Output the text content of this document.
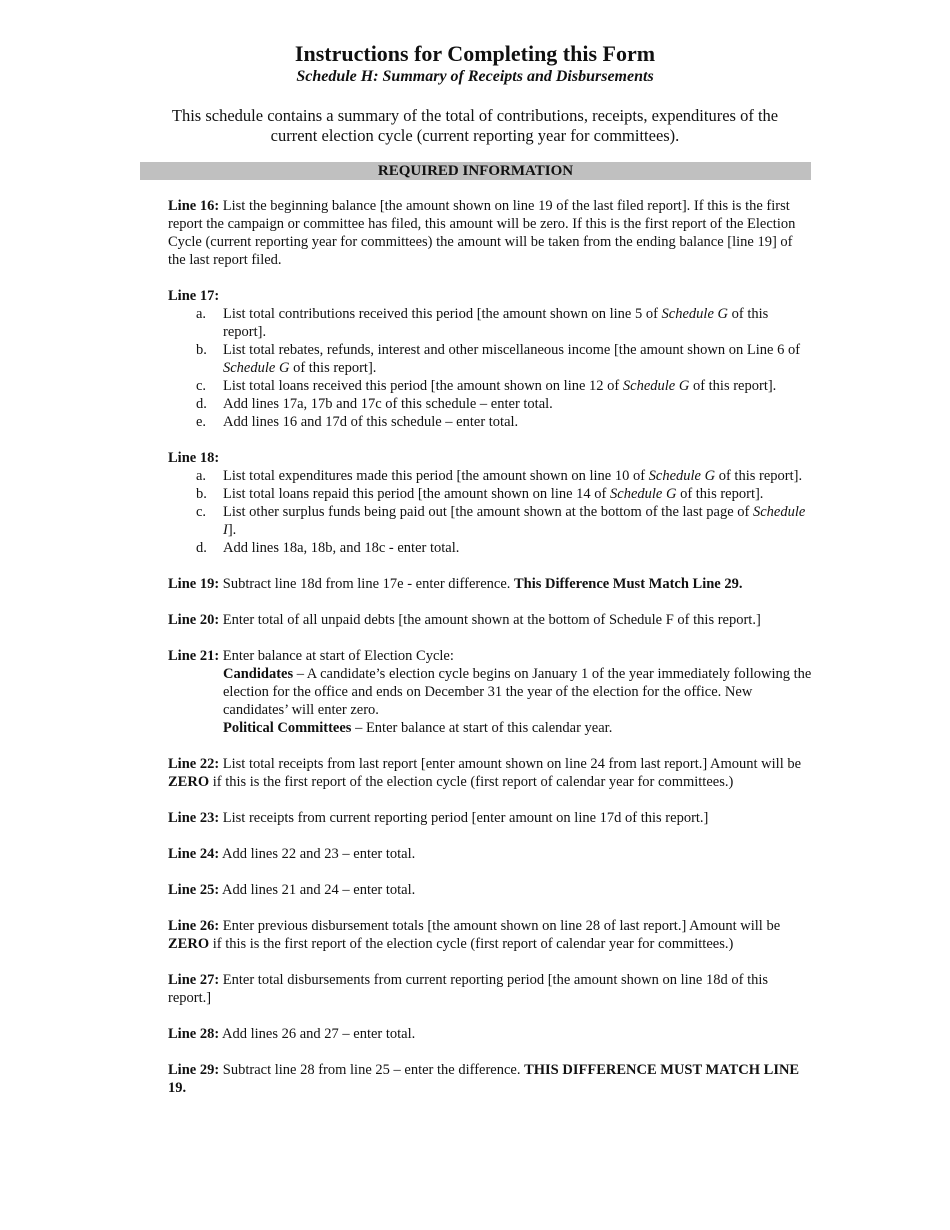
Instructions for Completing this Form
Schedule H: Summary of Receipts and Disbursements
This schedule contains a summary of the total of contributions, receipts, expenditures of the current election cycle (current reporting year for committees).
REQUIRED INFORMATION

Line 16: List the beginning balance [the amount shown on line 19 of the last filed report]. If this is the first report the campaign or committee has filed, this amount will be zero. If this is the first report of the Election Cycle (current reporting year for committees) the amount will be taken from the ending balance [line 19] of the last report filed.

Line 17:
a. List total contributions received this period [the amount shown on line 5 of Schedule G of this report].
b. List total rebates, refunds, interest and other miscellaneous income [the amount shown on Line 6 of Schedule G of this report].
c. List total loans received this period [the amount shown on line 12 of Schedule G of this report].
d. Add lines 17a, 17b and 17c of this schedule – enter total.
e. Add lines 16 and 17d of this schedule – enter total.
Line 18:
a. List total expenditures made this period [the amount shown on line 10 of Schedule G of this report].
b. List total loans repaid this period [the amount shown on line 14 of Schedule G of this report].
c. List other surplus funds being paid out [the amount shown at the bottom of the last page of Schedule I].
d. Add lines 18a, 18b, and 18c - enter total.

Line 19: Subtract line 18d from line 17e - enter difference. This Difference Must Match Line 29.

Line 20: Enter total of all unpaid debts [the amount shown at the bottom of Schedule F of this report.]

Line 21: Enter balance at start of Election Cycle:
Candidates – A candidate’s election cycle begins on January 1 of the year immediately following the election for the office and ends on December 31 the year of the election for the office. New candidates’ will enter zero.
Political Committees – Enter balance at start of this calendar year.

Line 22: List total receipts from last report [enter amount shown on line 24 from last report.] Amount will be ZERO if this is the first report of the election cycle (first report of calendar year for committees.)

Line 23: List receipts from current reporting period [enter amount on line 17d of this report.]

Line 24: Add lines 22 and 23 – enter total.

Line 25: Add lines 21 and 24 – enter total.

Line 26: Enter previous disbursement totals [the amount shown on line 28 of last report.] Amount will be ZERO if this is the first report of the election cycle (first report of calendar year for committees.)

Line 27: Enter total disbursements from current reporting period [the amount shown on line 18d of this report.]

Line 28: Add lines 26 and 27 – enter total.

Line 29: Subtract line 28 from line 25 – enter the difference. THIS DIFFERENCE MUST MATCH LINE 19.
